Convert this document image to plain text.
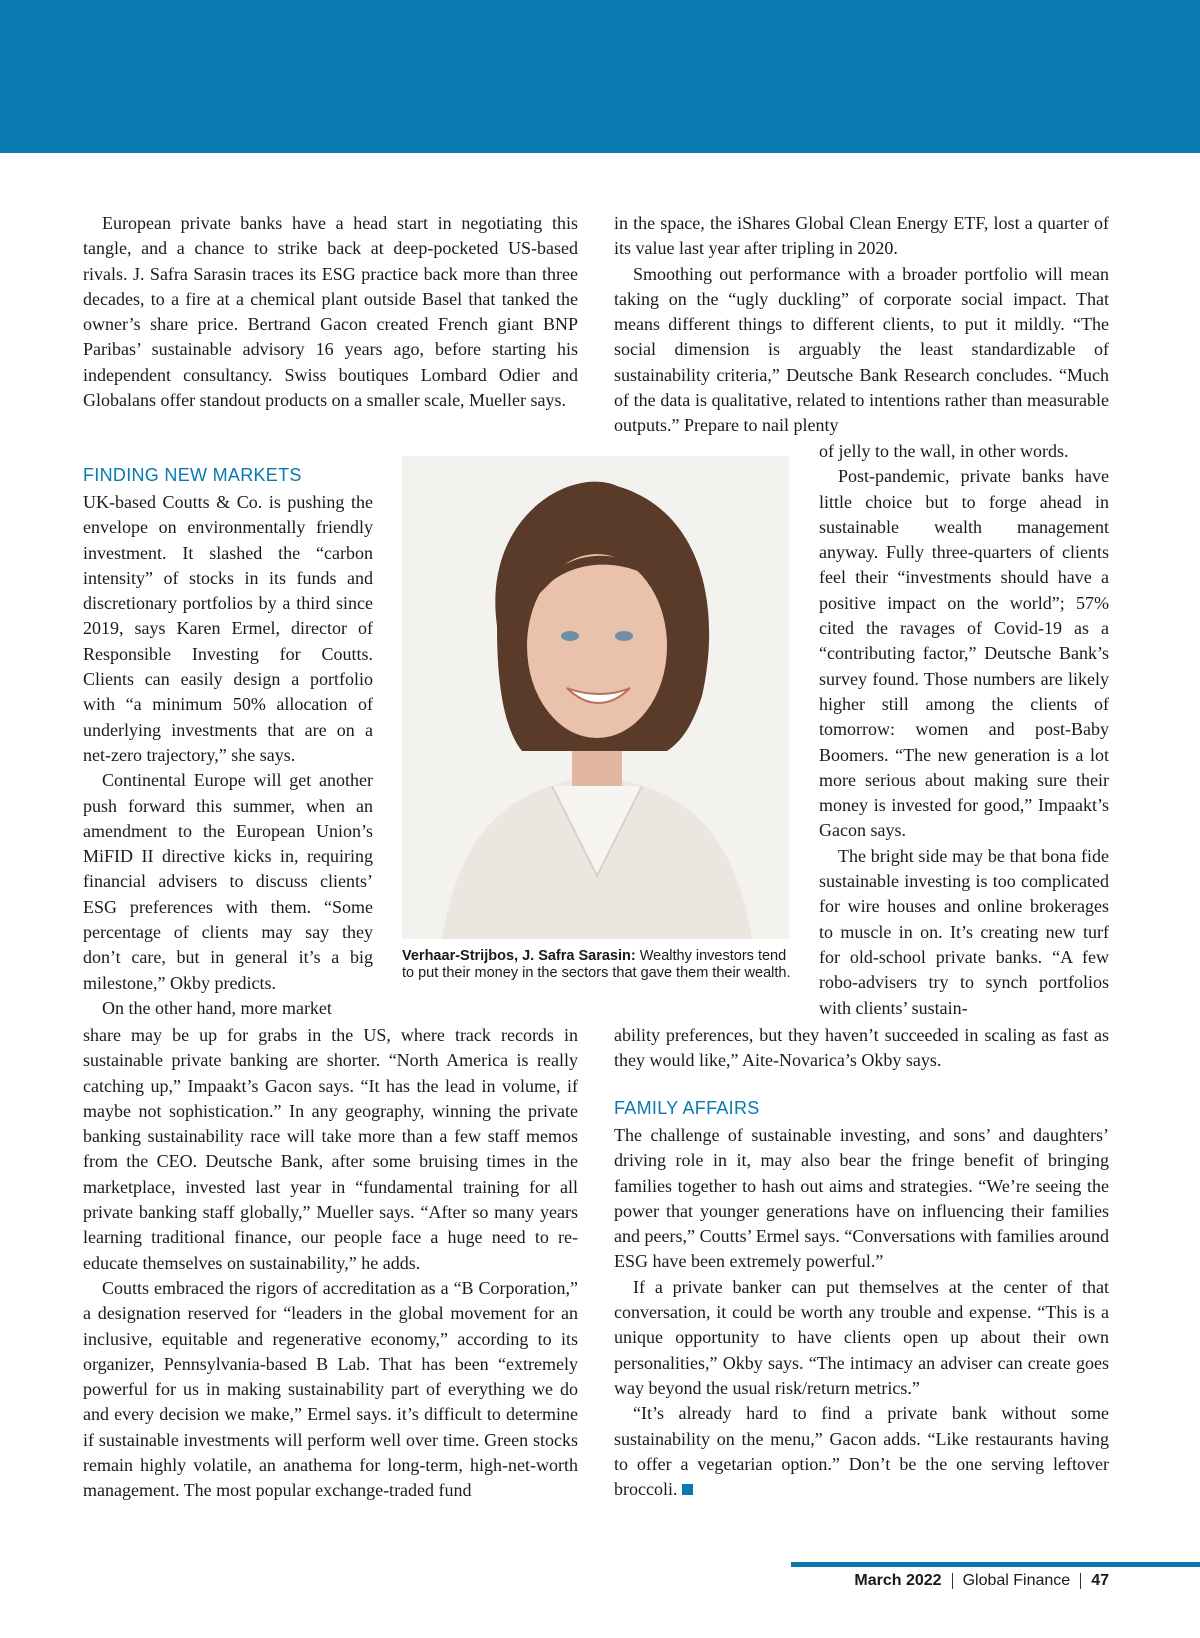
European private banks have a head start in negotiating this tangle, and a chance to strike back at deep-pocketed US-based rivals. J. Safra Sarasin traces its ESG practice back more than three decades, to a fire at a chemical plant outside Basel that tanked the owner’s share price. Bertrand Gacon created French giant BNP Paribas’ sustainable advisory 16 years ago, before starting his independent consultancy. Swiss boutiques Lombard Odier and Globalans offer standout products on a smaller scale, Mueller says.

FINDING NEW MARKETS

UK-based Coutts & Co. is pushing the envelope on environmentally friendly investment. It slashed the “carbon intensity” of stocks in its funds and discretionary portfolios by a third since 2019, says Karen Ermel, director of Responsible Investing for Coutts. Clients can easily design a portfolio with “a minimum 50% allocation of underlying investments that are on a net-zero trajectory,” she says.

Continental Europe will get another push forward this summer, when an amendment to the European Union’s MiFID II directive kicks in, requiring financial advisers to discuss clients’ ESG preferences with them. “Some percentage of clients may say they don’t care, but in general it’s a big milestone,” Okby predicts.

On the other hand, more market

share may be up for grabs in the US, where track records in sustainable private banking are shorter. “North America is really catching up,” Impaakt’s Gacon says. “It has the lead in volume, if maybe not sophistication.” In any geography, winning the private banking sustainability race will take more than a few staff memos from the CEO. Deutsche Bank, after some bruising times in the marketplace, invested last year in “fundamental training for all private banking staff globally,” Mueller says. “After so many years learning traditional finance, our people face a huge need to re-educate themselves on sustainability,” he adds.

Coutts embraced the rigors of accreditation as a “B Corporation,” a designation reserved for “leaders in the global movement for an inclusive, equitable and regenerative economy,” according to its organizer, Pennsylvania-based B Lab. That has been “extremely powerful for us in making sustainability part of everything we do and every decision we make,” Ermel says. it’s difficult to determine if sustainable investments will perform well over time. Green stocks remain highly volatile, an anathema for long-term, high-net-worth management. The most popular exchange-traded fund

in the space, the iShares Global Clean Energy ETF, lost a quarter of its value last year after tripling in 2020.

Smoothing out performance with a broader portfolio will mean taking on the “ugly duckling” of corporate social impact. That means different things to different clients, to put it mildly. “The social dimension is arguably the least standardizable of sustainability criteria,” Deutsche Bank Research concludes. “Much of the data is qualitative, related to intentions rather than measurable outputs.” Prepare to nail plenty

of jelly to the wall, in other words.

Post-pandemic, private banks have little choice but to forge ahead in sustainable wealth management anyway. Fully three-quarters of clients feel their “investments should have a positive impact on the world”; 57% cited the ravages of Covid-19 as a “contributing factor,” Deutsche Bank’s survey found. Those numbers are likely higher still among the clients of tomorrow: women and post-Baby Boomers. “The new generation is a lot more serious about making sure their money is invested for good,” Impaakt’s Gacon says.

The bright side may be that bona fide sustainable investing is too complicated for wire houses and online brokerages to muscle in on. It’s creating new turf for old-school private banks. “A few robo-advisers try to synch portfolios with clients’ sustain-

ability preferences, but they haven’t succeeded in scaling as fast as they would like,” Aite-Novarica’s Okby says.

FAMILY AFFAIRS

The challenge of sustainable investing, and sons’ and daughters’ driving role in it, may also bear the fringe benefit of bringing families together to hash out aims and strategies. “We’re seeing the power that younger generations have on influencing their families and peers,” Coutts’ Ermel says. “Conversations with families around ESG have been extremely powerful.”

If a private banker can put themselves at the center of that conversation, it could be worth any trouble and expense. “This is a unique opportunity to have clients open up about their own personalities,” Okby says. “The intimacy an adviser can create goes way beyond the usual risk/return metrics.”

“It’s already hard to find a private bank without some sustainability on the menu,” Gacon adds. “Like restaurants having to offer a vegetarian option.” Don’t be the one serving leftover broccoli.

Verhaar-Strijbos, J. Safra Sarasin: Wealthy investors tend to put their money in the sectors that gave them their wealth.
March 2022 Global Finance 47
